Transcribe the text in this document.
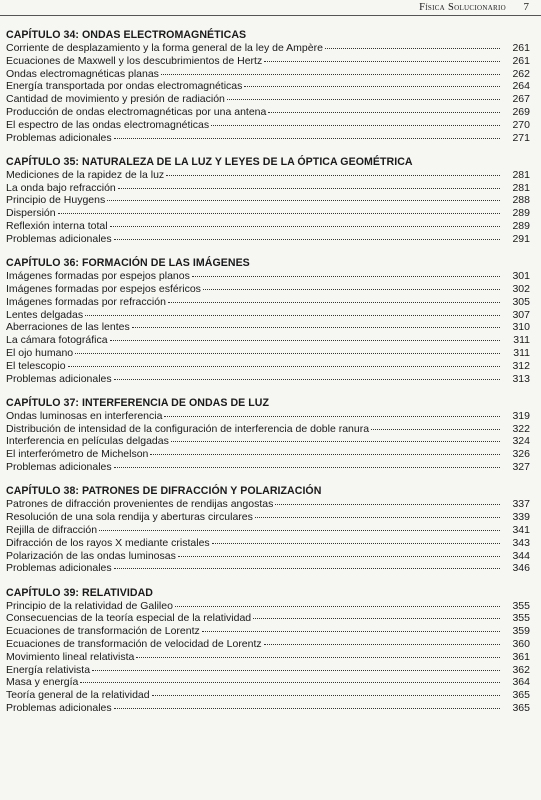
Física Solucionario 7
CAPÍTULO 34: ONDAS ELECTROMAGNÉTICAS
Corriente de desplazamiento y la forma general de la ley de Ampère	261
Ecuaciones de Maxwell y los descubrimientos de Hertz	261
Ondas electromagnéticas planas	262
Energía transportada por ondas electromagnéticas	264
Cantidad de movimiento y presión de radiación	267
Producción de ondas electromagnéticas por una antena	269
El espectro de las ondas electromagnéticas	270
Problemas adicionales	271
CAPÍTULO 35: NATURALEZA DE LA LUZ Y LEYES DE LA ÓPTICA GEOMÉTRICA
Mediciones de la rapidez de la luz	281
La onda bajo refracción	281
Principio de Huygens	288
Dispersión	289
Reflexión interna total	289
Problemas adicionales	291
CAPÍTULO 36: FORMACIÓN DE LAS IMÁGENES
Imágenes formadas por espejos planos	301
Imágenes formadas por espejos esféricos	302
Imágenes formadas por refracción	305
Lentes delgadas	307
Aberraciones de las lentes	310
La cámara fotográfica	311
El ojo humano	311
El telescopio	312
Problemas adicionales	313
CAPÍTULO 37: INTERFERENCIA DE ONDAS DE LUZ
Ondas luminosas en interferencia	319
Distribución de intensidad de la configuración de interferencia de doble ranura	322
Interferencia en películas delgadas	324
El interferómetro de Michelson	326
Problemas adicionales	327
CAPÍTULO 38: PATRONES DE DIFRACCIÓN Y POLARIZACIÓN
Patrones de difracción provenientes de rendijas angostas	337
Resolución de una sola rendija y aberturas circulares	339
Rejilla de difracción	341
Difracción de los rayos X mediante cristales	343
Polarización de las ondas luminosas	344
Problemas adicionales	346
CAPÍTULO 39: RELATIVIDAD
Principio de la relatividad de Galileo	355
Consecuencias de la teoría especial de la relatividad	355
Ecuaciones de transformación de Lorentz	359
Ecuaciones de transformación de velocidad de Lorentz	360
Movimiento lineal relativista	361
Energía relativista	362
Masa y energía	364
Teoría general de la relatividad	365
Problemas adicionales	365
